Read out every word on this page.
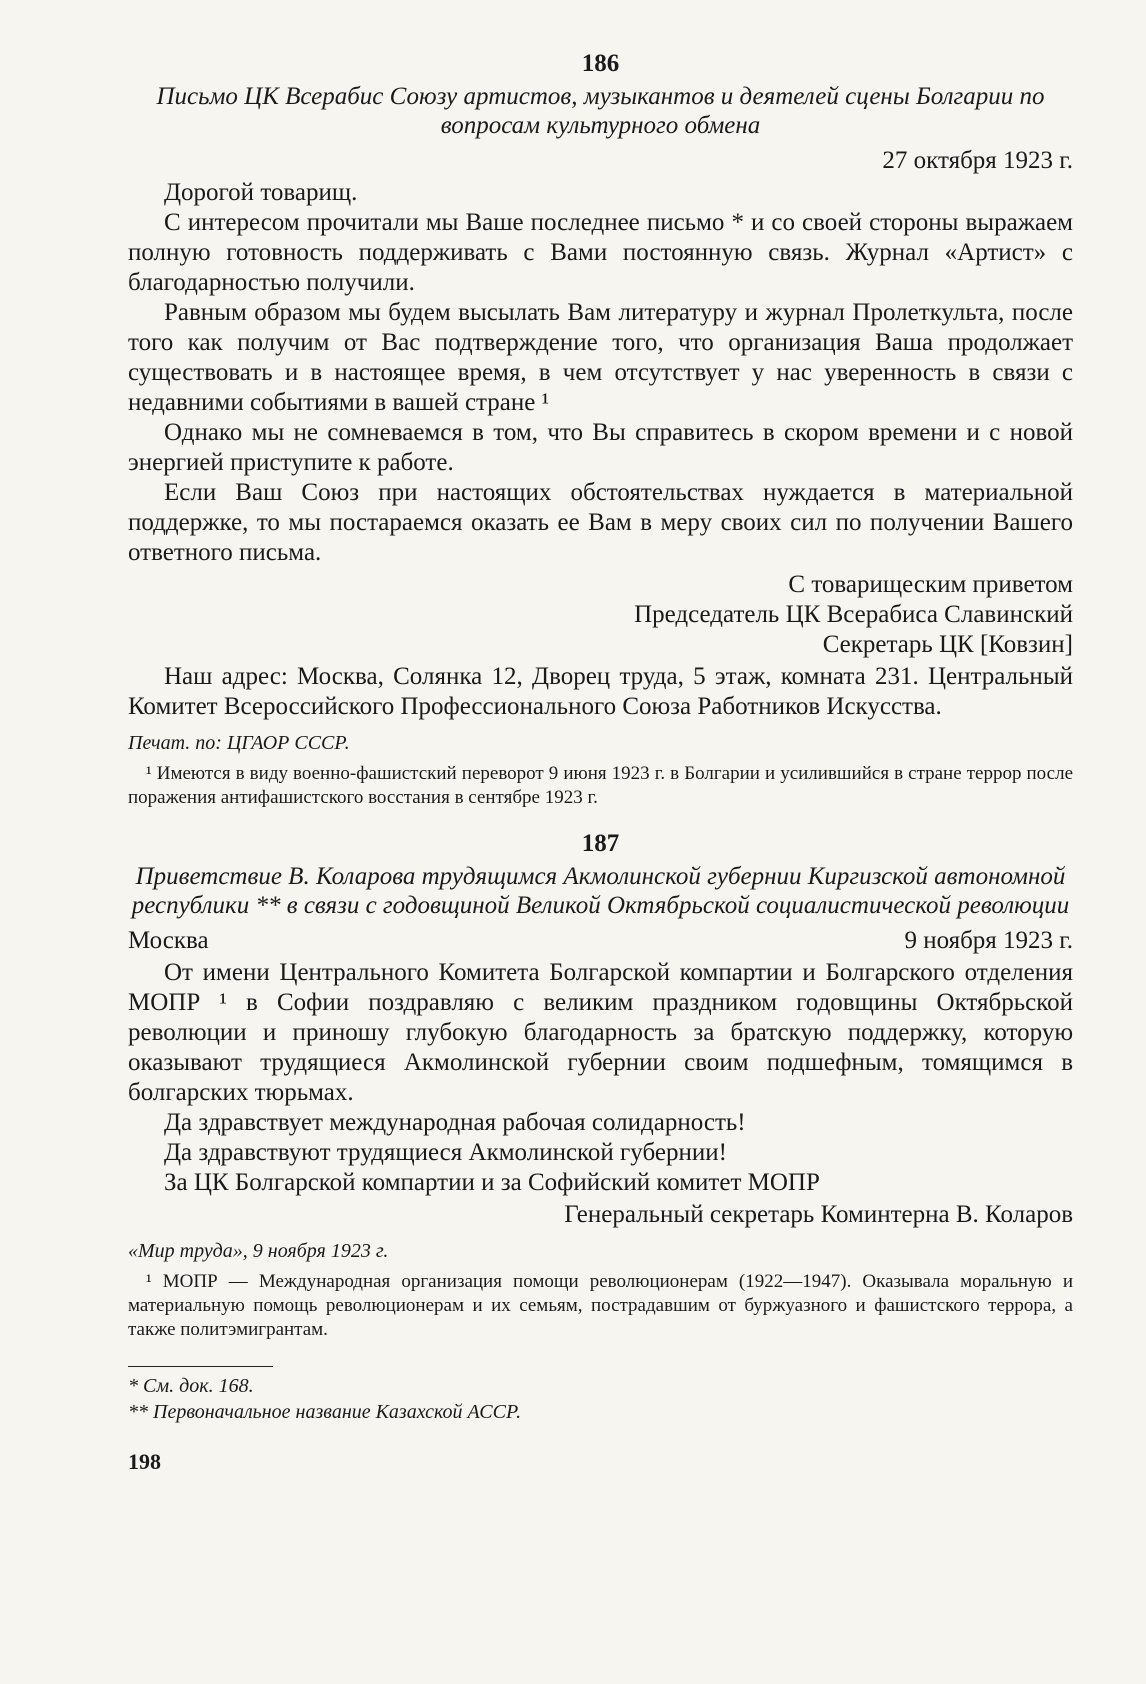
186
Письмо ЦК Всерабис Союзу артистов, музыкантов и деятелей сцены Болгарии по вопросам культурного обмена
27 октября 1923 г.

Дорогой товарищ.

С интересом прочитали мы Ваше последнее письмо * и со своей стороны выражаем полную готовность поддерживать с Вами постоянную связь. Журнал «Артист» с благодарностью получили.

Равным образом мы будем высылать Вам литературу и журнал Пролеткульта, после того как получим от Вас подтверждение того, что организация Ваша продолжает существовать и в настоящее время, в чем отсутствует у нас уверенность в связи с недавними событиями в вашей стране ¹

Однако мы не сомневаемся в том, что Вы справитесь в скором времени и с новой энергией приступите к работе.

Если Ваш Союз при настоящих обстоятельствах нуждается в материальной поддержке, то мы постараемся оказать ее Вам в меру своих сил по получении Вашего ответного письма.

С товарищеским приветом
Председатель ЦК Всерабиса Славинский
Секретарь ЦК [Ковзин]

Наш адрес: Москва, Солянка 12, Дворец труда, 5 этаж, комната 231. Центральный Комитет Всероссийского Профессионального Союза Работников Искусства.

Печат. по: ЦГАОР СССР.

¹ Имеются в виду военно-фашистский переворот 9 июня 1923 г. в Болгарии и усилившийся в стране террор после поражения антифашистского восстания в сентябре 1923 г.

187
Приветствие В. Коларова трудящимся Акмолинской губернии Киргизской автономной республики ** в связи с годовщиной Великой Октябрьской социалистической революции
Москва	9 ноября 1923 г.

От имени Центрального Комитета Болгарской компартии и Болгарского отделения МОПР ¹ в Софии поздравляю с великим праздником годовщины Октябрьской революции и приношу глубокую благодарность за братскую поддержку, которую оказывают трудящиеся Акмолинской губернии своим подшефным, томящимся в болгарских тюрьмах.

Да здравствует международная рабочая солидарность!

Да здравствуют трудящиеся Акмолинской губернии!

За ЦК Болгарской компартии и за Софийский комитет МОПР

Генеральный секретарь Коминтерна В. Коларов
«Мир труда», 9 ноября 1923 г.

¹ МОПР — Международная организация помощи революционерам (1922—1947). Оказывала моральную и материальную помощь революционерам и их семьям, пострадавшим от буржуазного и фашистского террора, а также политэмигрантам.

* См. док. 168.

** Первоначальное название Казахской АССР.

198
